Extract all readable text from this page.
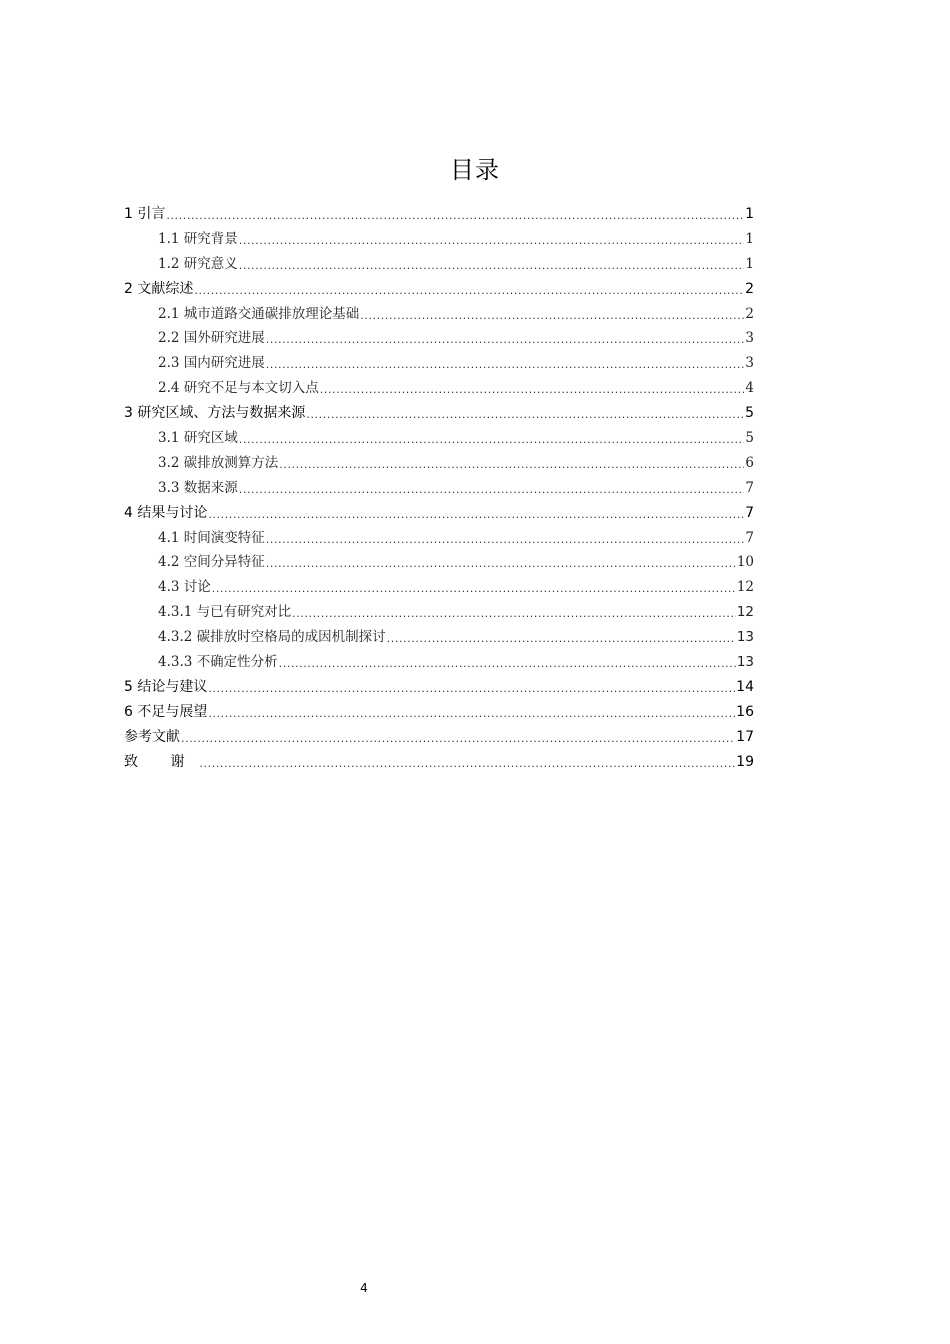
目录
1 引言 .....	1
1.1 研究背景 .....	1
1.2 研究意义 .....	1
2 文献综述 .....	2
2.1 城市道路交通碳排放理论基础 .....	2
2.2 国外研究进展 .....	3
2.3 国内研究进展 .....	3
2.4 研究不足与本文切入点 .....	4
3 研究区域、方法与数据来源 .....	5
3.1 研究区域 .....	5
3.2 碳排放测算方法 .....	6
3.3 数据来源 .....	7
4 结果与讨论 .....	7
4.1 时间演变特征 .....	7
4.2 空间分异特征 .....	10
4.3 讨论 .....	12
4.3.1 与已有研究对比 .....	12
4.3.2 碳排放时空格局的成因机制探讨 .....	13
4.3.3 不确定性分析 .....	13
5 结论与建议 .....	14
6 不足与展望 .....	16
参考文献 .....	17
致 谢 .....	19
4
